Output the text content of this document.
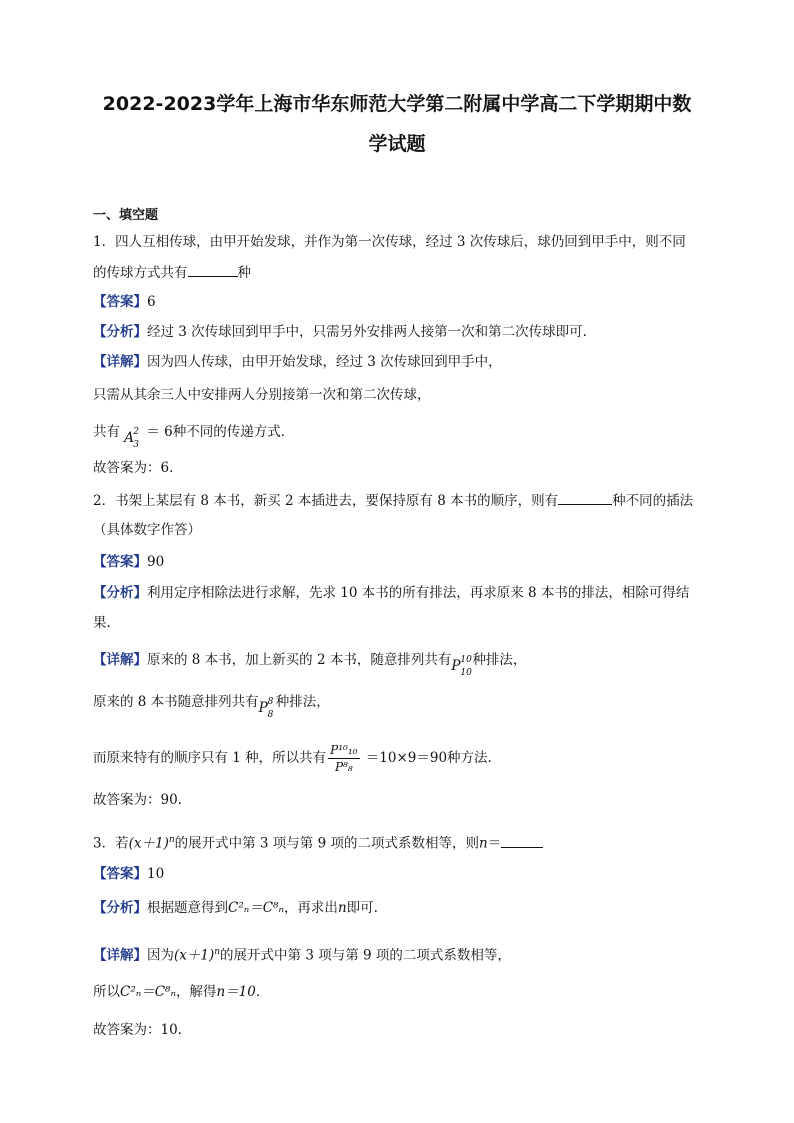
2022-2023学年上海市华东师范大学第二附属中学高二下学期期中数
学试题
一、填空题
1．四人互相传球，由甲开始发球，并作为第一次传球，经过 3 次传球后，球仍回到甲手中，则不同
的传球方式共有	种
【答案】6
【分析】经过 3 次传球回到甲手中，只需另外安排两人接第一次和第二次传球即可.
【详解】因为四人传球，由甲开始发球，经过 3 次传球回到甲手中，
只需从其余三人中安排两人分别接第一次和第二次传球，
共有 A 2
3
＝ 6种不同的传递方式．
故答案为：6.
2．书架上某层有 8 本书，新买 2 本插进去，要保持原有 8 本书的顺序，则有	种不同的插法
（具体数字作答）
【答案】90
【分析】利用定序相除法进行求解，先求 10 本书的所有排法，再求原来 8 本书的排法，相除可得结
果.
【详解】原来的 8 本书，加上新买的 2 本书，随意排列共有P 10
10
种排法，
原来的 8 本书随意排列共有P 8
8
种排法，
而原来特有的顺序只有 1 种，所以共有 $\frac{\text{P¹⁰₁₀}}{\text{P⁸₈}} =10\times 9=90$种方法.
故答案为：90.
3．若$(x+1)^n$的展开式中第 3 项与第 9 项的二项式系数相等，则n＝
【答案】10
【分析】根据题意得到C²ₙ＝C⁸ₙ，再求出n即可.
【详解】因为$(x+1)^n$的展开式中第 3 项与第 9 项的二项式系数相等，
所以C²ₙ＝C⁸ₙ，解得n＝10．
故答案为：10.
